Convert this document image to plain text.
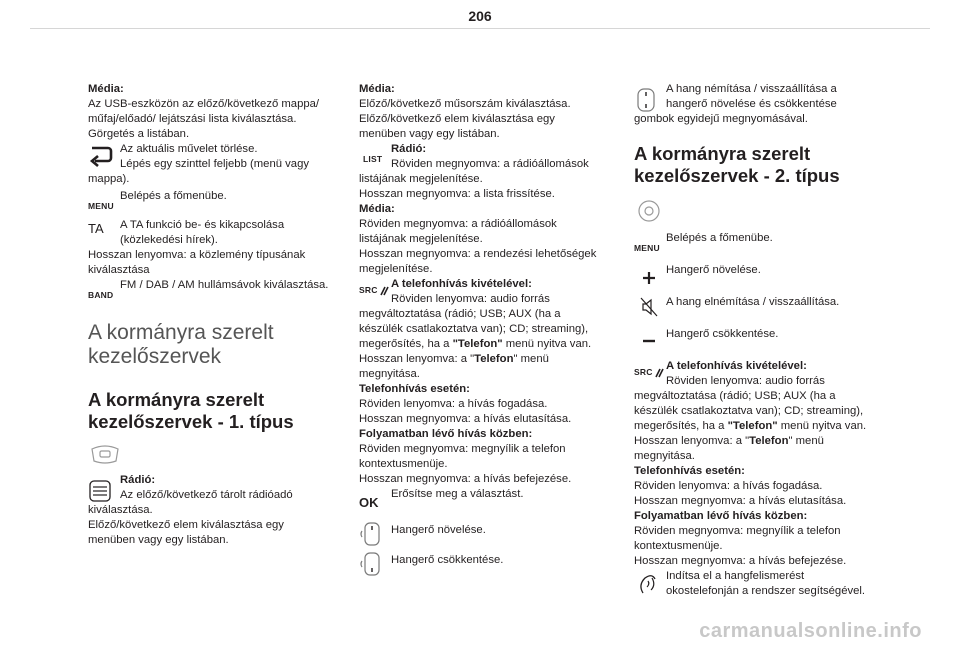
206
Média:
Az USB-eszközön az előző/következő mappa/
műfaj/előadó/ lejátszási lista kiválasztása.
Görgetés a listában.
Az aktuális művelet törlése.
Lépés egy szinttel feljebb (menü vagy
mappa).
MENU
Belépés a főmenübe.
TA	A TA funkció be- és kikapcsolása
(közlekedési hírek).
Hosszan lenyomva: a közlemény típusának
kiválasztása
BAND
FM / DAB / AM hullámsávok kiválasztása.
A kormányra szerelt
kezelőszervek
A kormányra szerelt
kezelőszervek - 1. típus
Rádió:
Az előző/következő tárolt rádióadó
kiválasztása.
Előző/következő elem kiválasztása egy
menüben vagy egy listában.
Média:
Előző/következő műsorszám kiválasztása.
Előző/következő elem kiválasztása egy
menüben vagy egy listában.
LIST
Rádió:
Röviden megnyomva: a rádióállomások
listájának megjelenítése.
Hosszan megnyomva: a lista frissítése.
Média:
Röviden megnyomva: a rádióállomások
listájának megjelenítése.
Hosszan megnyomva: a rendezési lehetőségek
megjelenítése.
SRC	A telefonhívás kivételével:
Röviden lenyomva: audio forrás
megváltoztatása (rádió; USB; AUX (ha a
készülék csatlakoztatva van); CD; streaming),
megerősítés, ha a "Telefon" menü nyitva van.
Hosszan lenyomva: a "Telefon" menü
megnyitása.
Telefonhívás esetén:
Röviden lenyomva: a hívás fogadása.
Hosszan megnyomva: a hívás elutasítása.
Folyamatban lévő hívás közben:
Röviden megnyomva: megnyílik a telefon
kontextusmenüje.
Hosszan megnyomva: a hívás befejezése.
OK
Erősítse meg a választást.
Hangerő növelése.
Hangerő csökkentése.
A hang némítása / visszaállítása a
hangerő növelése és csökkentése
gombok egyidejű megnyomásával.
A kormányra szerelt
kezelőszervek - 2. típus
MENU
Belépés a főmenübe.
Hangerő növelése.
A hang elnémítása / visszaállítása.
Hangerő csökkentése.
SRC	A telefonhívás kivételével:
Röviden lenyomva: audio forrás
megváltoztatása (rádió; USB; AUX (ha a
készülék csatlakoztatva van); CD; streaming),
megerősítés, ha a "Telefon" menü nyitva van.
Hosszan lenyomva: a "Telefon" menü
megnyitása.
Telefonhívás esetén:
Röviden lenyomva: a hívás fogadása.
Hosszan megnyomva: a hívás elutasítása.
Folyamatban lévő hívás közben:
Röviden megnyomva: megnyílik a telefon
kontextusmenüje.
Hosszan megnyomva: a hívás befejezése.
Indítsa el a hangfelismerést
okostelefonján a rendszer segítségével.
carmanualsonline.info
